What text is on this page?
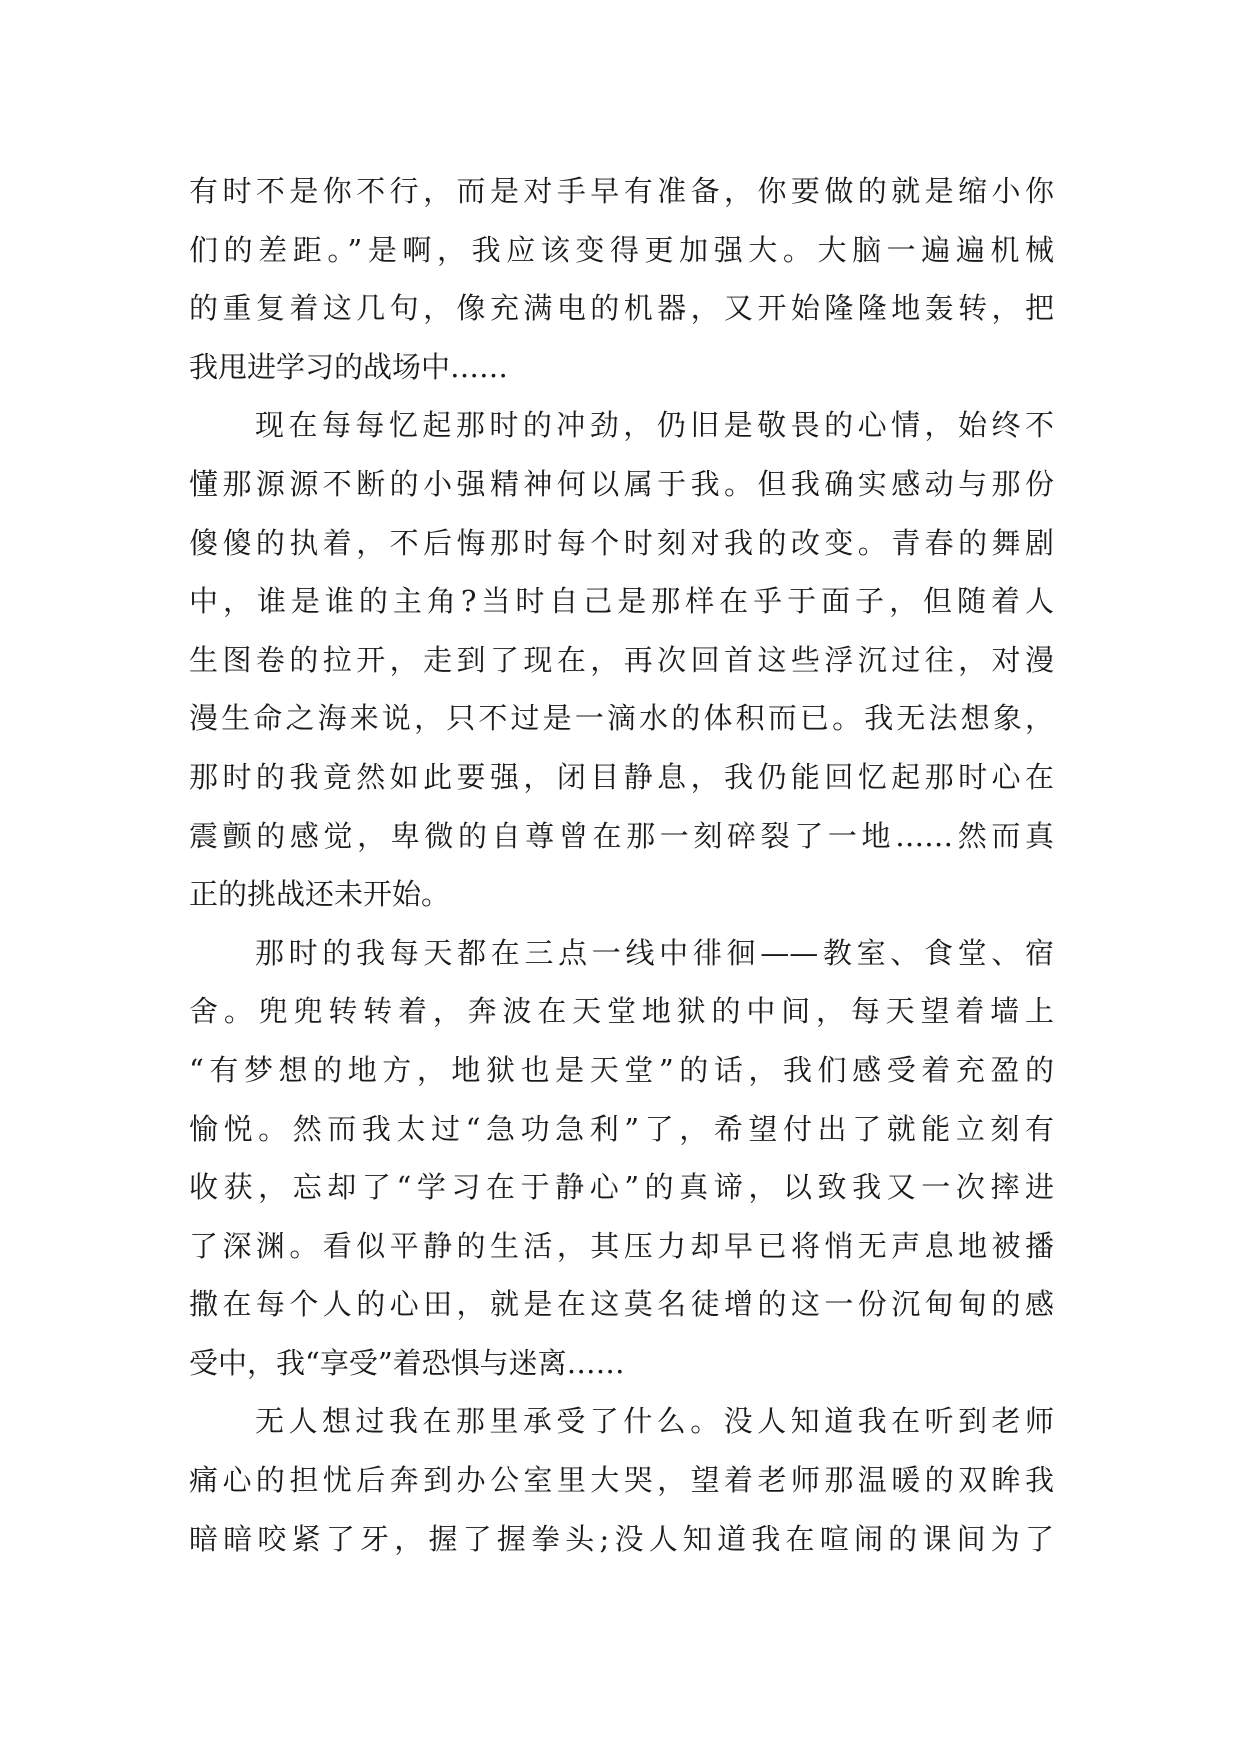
有时不是你不行，而是对手早有准备，你要做的就是缩小你
们的差距。”是啊，我应该变得更加强大。大脑一遍遍机械
的重复着这几句，像充满电的机器，又开始隆隆地轰转，把
我甩进学习的战场中……
现在每每忆起那时的冲劲，仍旧是敬畏的心情，始终不
懂那源源不断的小强精神何以属于我。但我确实感动与那份
傻傻的执着，不后悔那时每个时刻对我的改变。青春的舞剧
中，谁是谁的主角?当时自己是那样在乎于面子，但随着人
生图卷的拉开，走到了现在，再次回首这些浮沉过往，对漫
漫生命之海来说，只不过是一滴水的体积而已。我无法想象，
那时的我竟然如此要强，闭目静息，我仍能回忆起那时心在
震颤的感觉，卑微的自尊曾在那一刻碎裂了一地……然而真
正的挑战还未开始。
那时的我每天都在三点一线中徘徊——教室、食堂、宿
舍。兜兜转转着，奔波在天堂地狱的中间，每天望着墙上
“有梦想的地方，地狱也是天堂”的话，我们感受着充盈的
愉悦。然而我太过“急功急利”了，希望付出了就能立刻有
收获，忘却了“学习在于静心”的真谛，以致我又一次摔进
了深渊。看似平静的生活，其压力却早已将悄无声息地被播
撒在每个人的心田，就是在这莫名徒增的这一份沉甸甸的感
受中，我“享受”着恐惧与迷离……
无人想过我在那里承受了什么。没人知道我在听到老师
痛心的担忧后奔到办公室里大哭，望着老师那温暖的双眸我
暗暗咬紧了牙，握了握拳头;没人知道我在喧闹的课间为了
